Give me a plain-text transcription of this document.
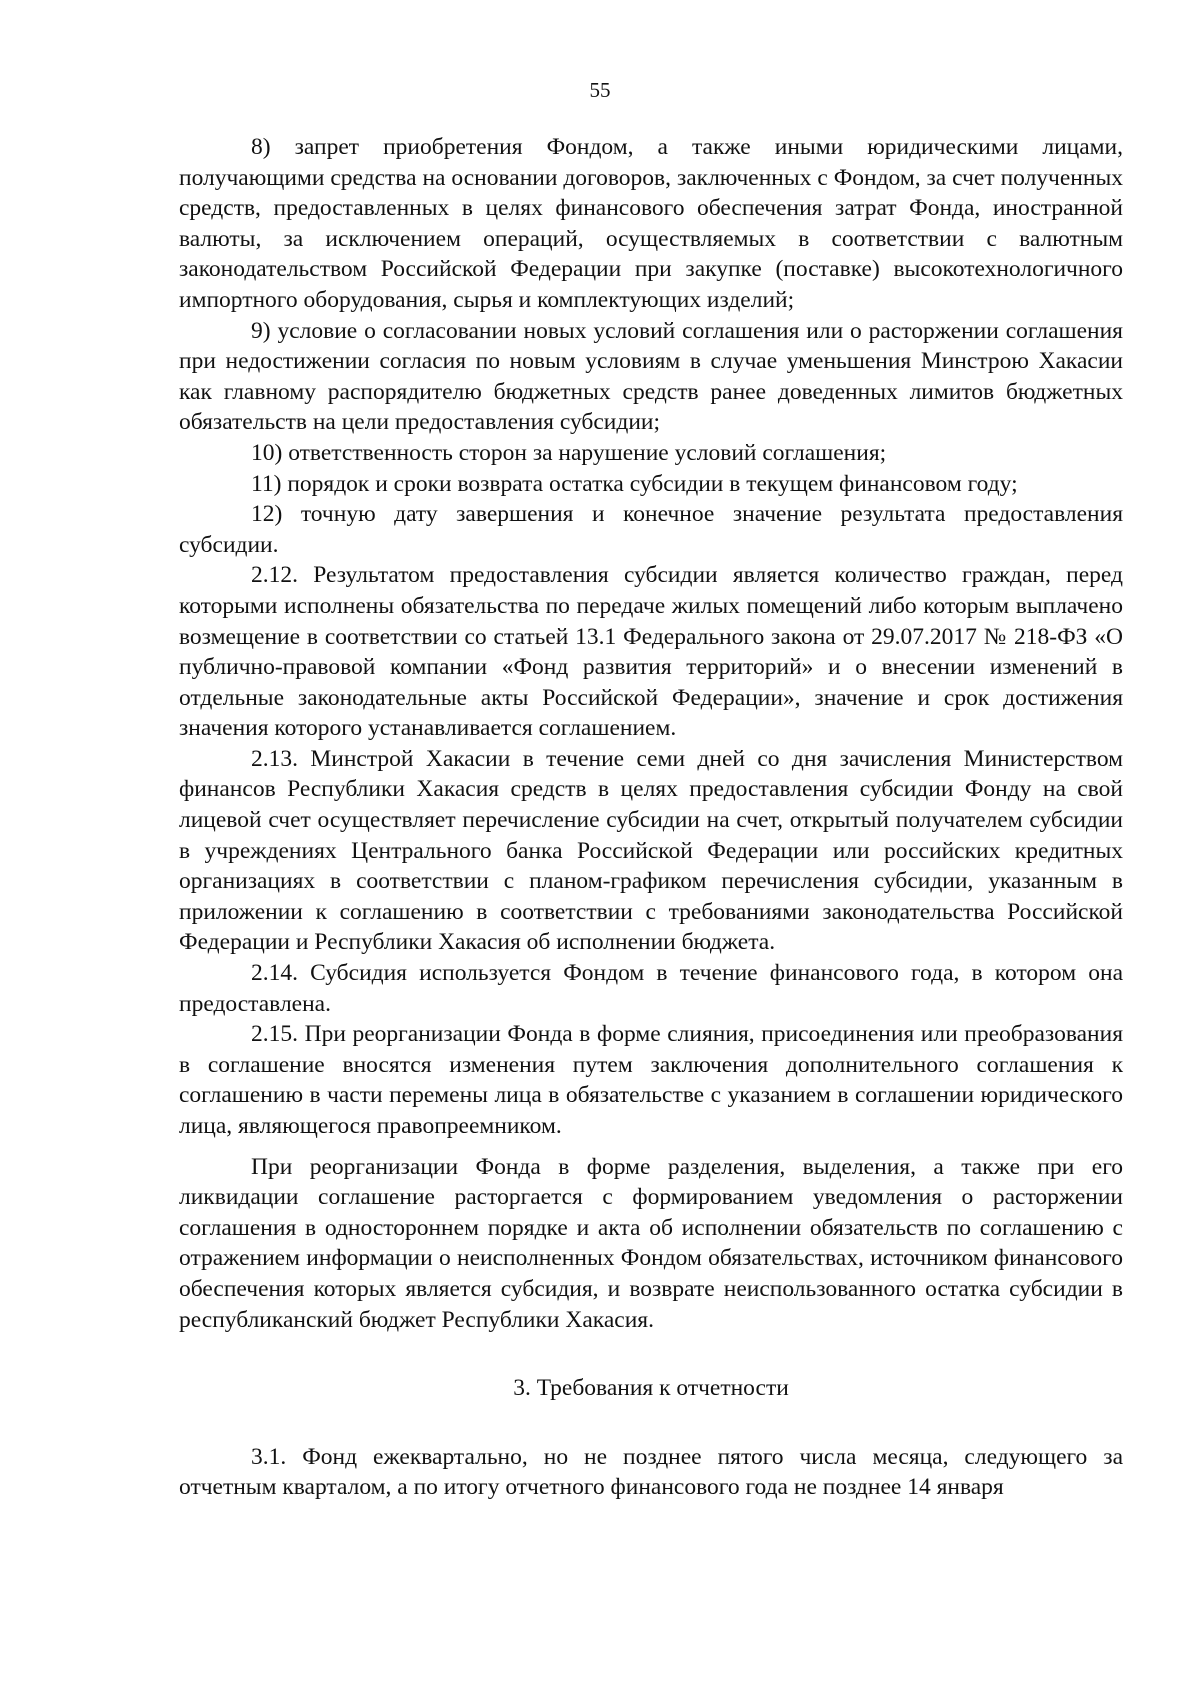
55

8) запрет приобретения Фондом, а также иными юридическими лицами, получающими средства на основании договоров, заключенных с Фондом, за счет полученных средств, предоставленных в целях финансового обеспечения затрат Фонда, иностранной валюты, за исключением операций, осуществляемых в соответствии с валютным законодательством Российской Федерации при закупке (поставке) высокотехнологичного импортного оборудования, сырья и комплектующих изделий;

9) условие о согласовании новых условий соглашения или о расторжении соглашения при недостижении согласия по новым условиям в случае уменьшения Минстрою Хакасии как главному распорядителю бюджетных средств ранее доведенных лимитов бюджетных обязательств на цели предоставления субсидии;

10) ответственность сторон за нарушение условий соглашения;

11) порядок и сроки возврата остатка субсидии в текущем финансовом году;

12) точную дату завершения и конечное значение результата предоставления субсидии.

2.12. Результатом предоставления субсидии является количество граждан, перед которыми исполнены обязательства по передаче жилых помещений либо которым выплачено возмещение в соответствии со статьей 13.1 Федерального закона от 29.07.2017 № 218-ФЗ «О публично-правовой компании «Фонд развития территорий» и о внесении изменений в отдельные законодательные акты Российской Федерации», значение и срок достижения значения которого устанавливается соглашением.

2.13. Минстрой Хакасии в течение семи дней со дня зачисления Министерством финансов Республики Хакасия средств в целях предоставления субсидии Фонду на свой лицевой счет осуществляет перечисление субсидии на счет, открытый получателем субсидии в учреждениях Центрального банка Российской Федерации или российских кредитных организациях в соответствии с планом-графиком перечисления субсидии, указанным в приложении к соглашению в соответствии с требованиями законодательства Российской Федерации и Республики Хакасия об исполнении бюджета.

2.14. Субсидия используется Фондом в течение финансового года, в котором она предоставлена.

2.15. При реорганизации Фонда в форме слияния, присоединения или преобразования в соглашение вносятся изменения путем заключения дополнительного соглашения к соглашению в части перемены лица в обязательстве с указанием в соглашении юридического лица, являющегося правопреемником.

При реорганизации Фонда в форме разделения, выделения, а также при его ликвидации соглашение расторгается с формированием уведомления о расторжении соглашения в одностороннем порядке и акта об исполнении обязательств по соглашению с отражением информации о неисполненных Фондом обязательствах, источником финансового обеспечения которых является субсидия, и возврате неиспользованного остатка субсидии в республиканский бюджет Республики Хакасия.

3. Требования к отчетности

3.1. Фонд ежеквартально, но не позднее пятого числа месяца, следующего за отчетным кварталом, а по итогу отчетного финансового года не позднее 14 января
